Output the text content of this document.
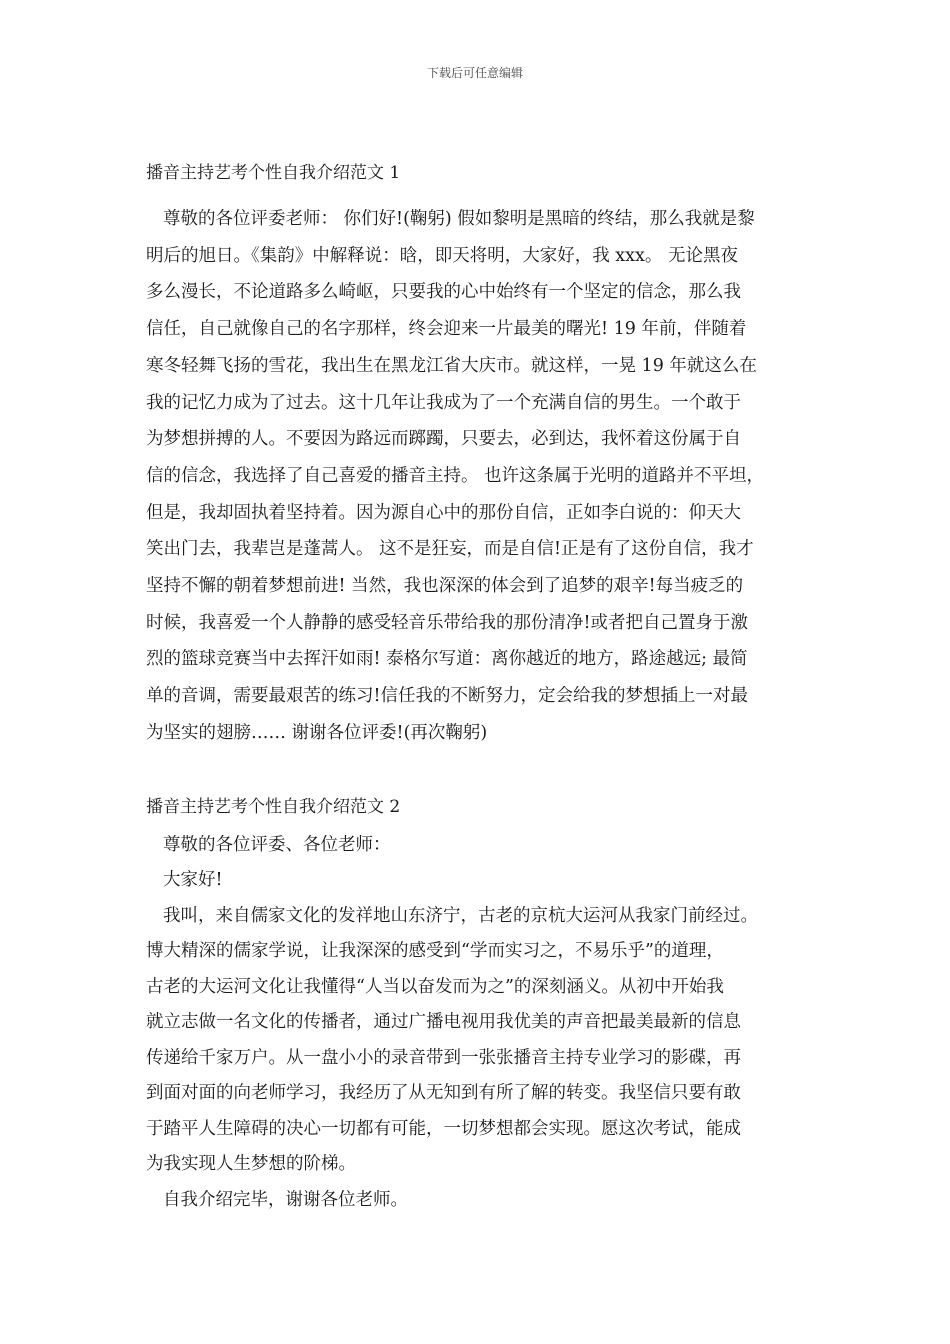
下载后可任意编辑
播音主持艺考个性自我介绍范文 1
尊敬的各位评委老师： 你们好!(鞠躬) 假如黎明是黑暗的终结，那么我就是黎
明后的旭日。《集韵》中解释说：晗，即天将明，大家好，我 xxx。 无论黑夜
多么漫长，不论道路多么崎岖，只要我的心中始终有一个坚定的信念，那么我
信任，自己就像自己的名字那样，终会迎来一片最美的曙光! 19 年前，伴随着
寒冬轻舞飞扬的雪花，我出生在黑龙江省大庆市。就这样，一晃 19 年就这么在
我的记忆力成为了过去。这十几年让我成为了一个充满自信的男生。一个敢于
为梦想拼搏的人。不要因为路远而踯躅，只要去，必到达，我怀着这份属于自
信的信念，我选择了自己喜爱的播音主持。 也许这条属于光明的道路并不平坦，
但是，我却固执着坚持着。因为源自心中的那份自信，正如李白说的：仰天大
笑出门去，我辈岂是蓬蒿人。 这不是狂妄，而是自信!正是有了这份自信，我才
坚持不懈的朝着梦想前进! 当然，我也深深的体会到了追梦的艰辛!每当疲乏的
时候，我喜爱一个人静静的感受轻音乐带给我的那份清净!或者把自己置身于激
烈的篮球竞赛当中去挥汗如雨! 泰格尔写道：离你越近的地方，路途越远; 最简
单的音调，需要最艰苦的练习!信任我的不断努力，定会给我的梦想插上一对最
为坚实的翅膀…… 谢谢各位评委!(再次鞠躬)
播音主持艺考个性自我介绍范文 2
尊敬的各位评委、各位老师：
大家好!
我叫，来自儒家文化的发祥地山东济宁，古老的京杭大运河从我家门前经过。
博大精深的儒家学说，让我深深的感受到“学而实习之，不易乐乎”的道理，
古老的大运河文化让我懂得“人当以奋发而为之”的深刻涵义。从初中开始我
就立志做一名文化的传播者，通过广播电视用我优美的声音把最美最新的信息
传递给千家万户。从一盘小小的录音带到一张张播音主持专业学习的影碟，再
到面对面的向老师学习，我经历了从无知到有所了解的转变。我坚信只要有敢
于踏平人生障碍的决心一切都有可能，一切梦想都会实现。愿这次考试，能成
为我实现人生梦想的阶梯。
自我介绍完毕，谢谢各位老师。
